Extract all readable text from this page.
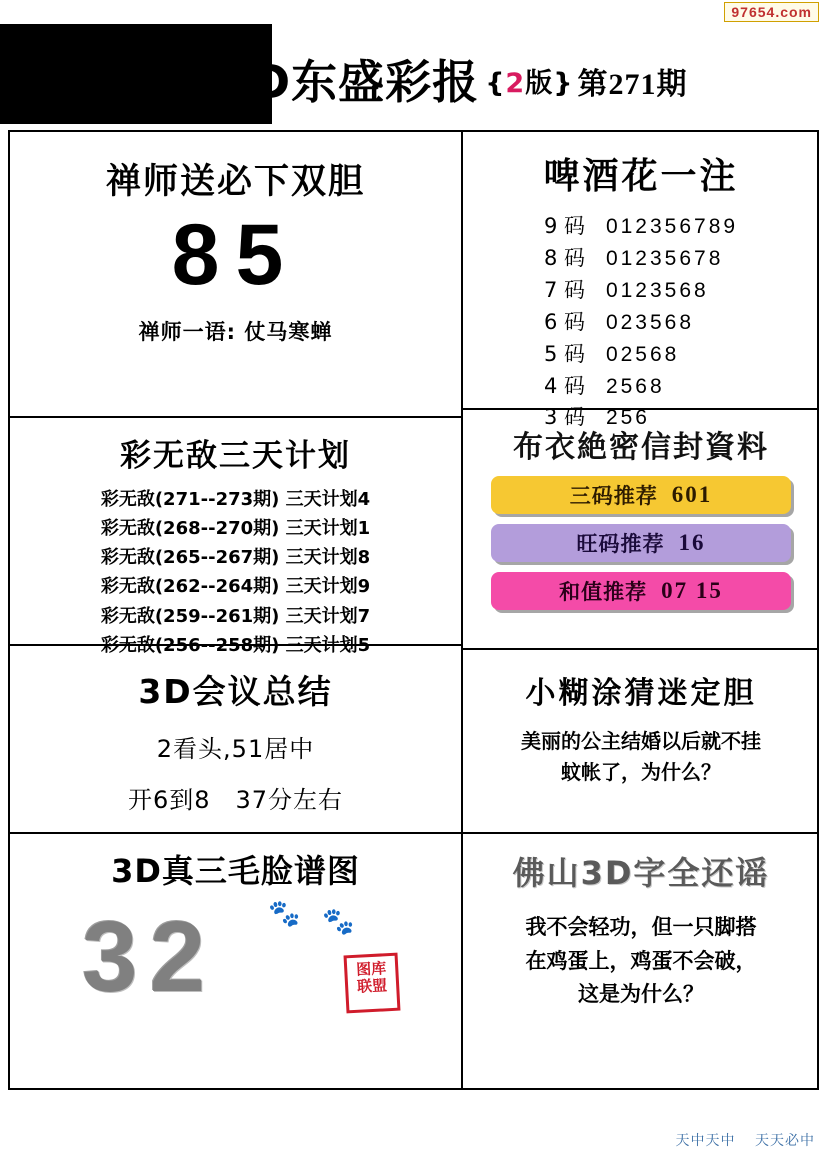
97654.com
D东盛彩报 {2版} 第271期
禅师送必下双胆
85
禅师一语: 仗马寒蝉
彩无敌三天计划
彩无敌(271--273期) 三天计划4
彩无敌(268--270期) 三天计划1
彩无敌(265--267期) 三天计划8
彩无敌(262--264期) 三天计划9
彩无敌(259--261期) 三天计划7
彩无敌(256--258期) 三天计划5
3D会议总结
2看头,51居中
开6到8　37分左右
3D真三毛脸谱图
32 🐾 🐾
图库联盟
啤酒花一注
9 码 012356789
8 码 01235678
7 码 0123568
6 码 023568
5 码 02568
4 码 2568
3 码 256
布衣絶密信封資料
三码推荐 601
旺码推荐 16
和值推荐 07 15
小糊涂猜迷定胆
美丽的公主结婚以后就不挂
蚊帐了，为什么？
佛山3D字全还谣
我不会轻功，但一只脚搭
在鸡蛋上，鸡蛋不会破，
这是为什么？
天中天中 天天必中
